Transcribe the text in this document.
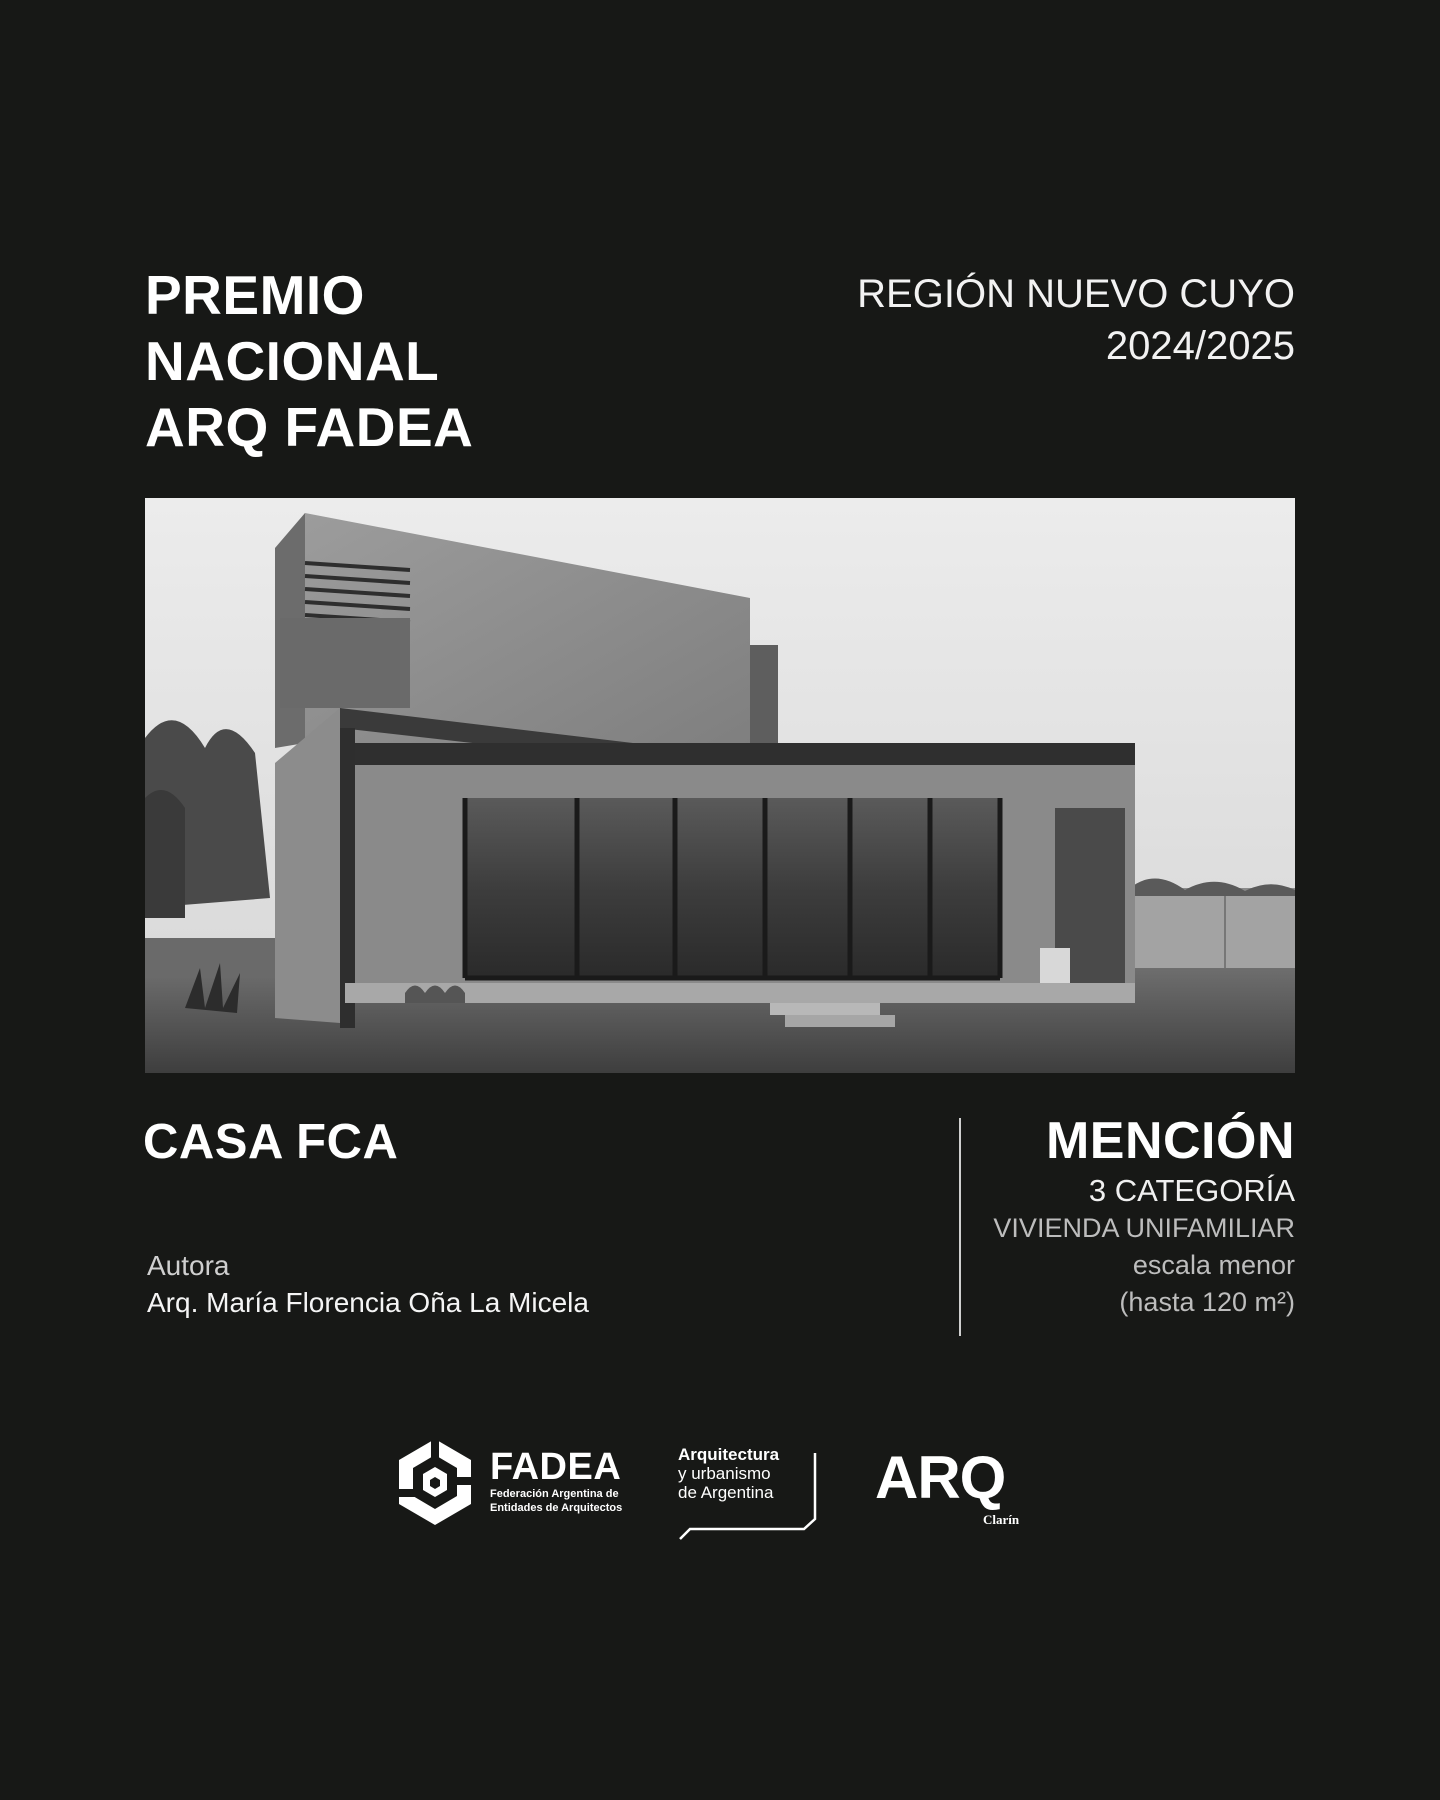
PREMIO
NACIONAL
ARQ FADEA
REGIÓN NUEVO CUYO
2024/2025
CASA FCA
Autora
Arq. María Florencia Oña La Micela
MENCIÓN
3 CATEGORÍA
VIVIENDA UNIFAMILIAR
escala menor
(hasta 120 m²)
FADEA
Federación Argentina de
Entidades de Arquitectos
Arquitectura
y urbanismo
de Argentina ARQ
Clarín
